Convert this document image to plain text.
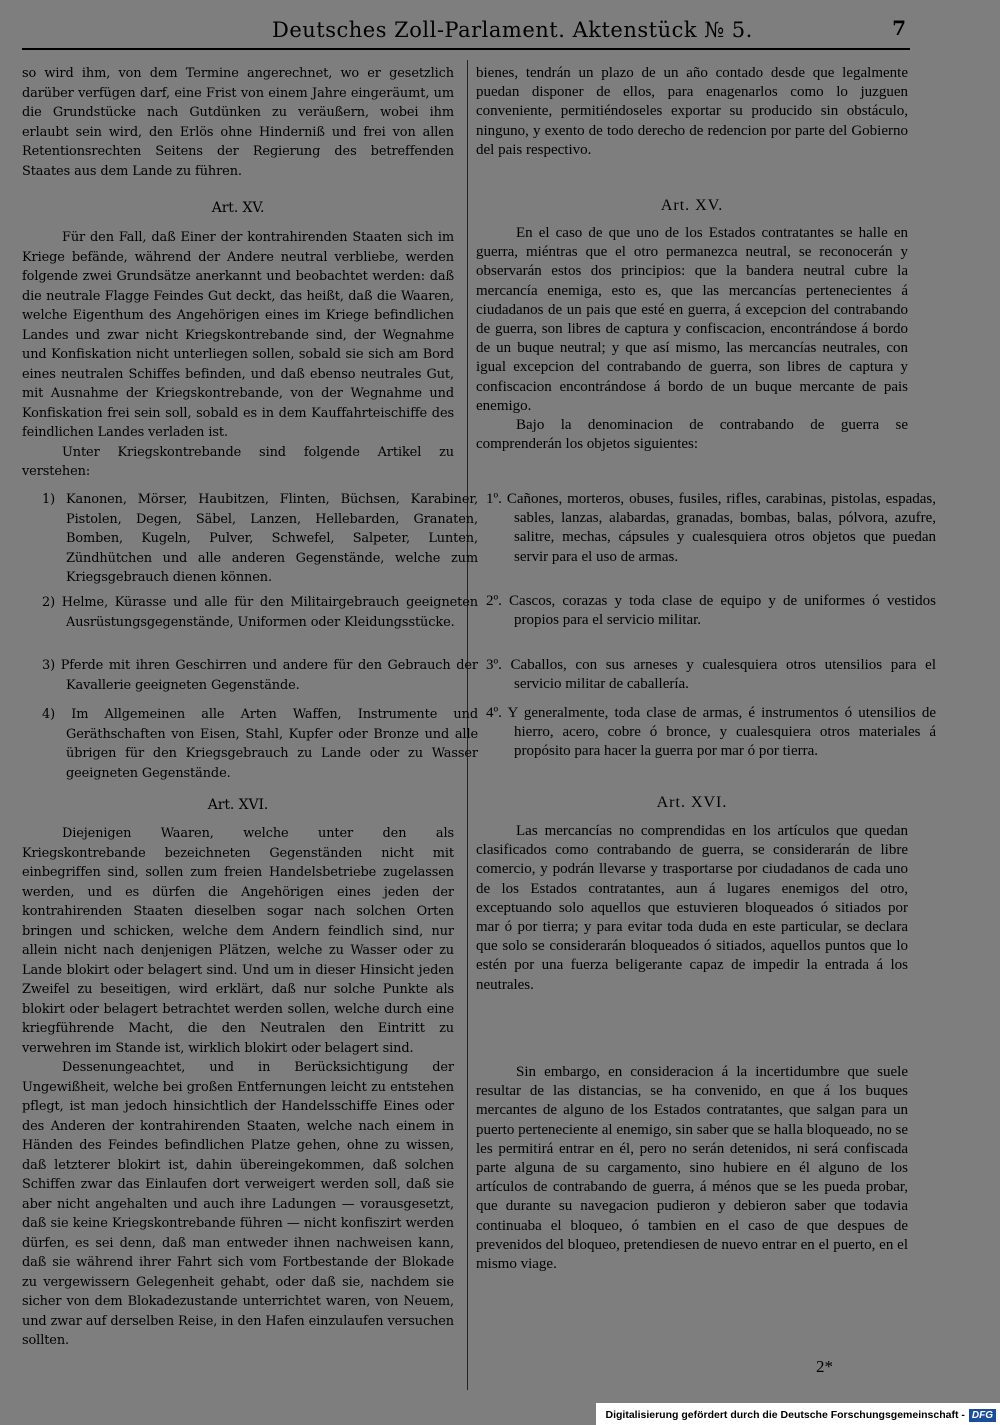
Deutsches Zoll-Parlament. Aktenstück № 5.	7

so wird ihm, von dem Termine angerechnet, wo er gesetzlich darüber verfügen darf, eine Frist von einem Jahre eingeräumt, um die Grundstücke nach Gutdünken zu veräußern, wobei ihm erlaubt sein wird, den Erlös ohne Hinderniß und frei von allen Retentionsrechten Seitens der Regierung des betreffenden Staates aus dem Lande zu führen.

Art. XV.

Für den Fall, daß Einer der kontrahirenden Staaten sich im Kriege befände, während der Andere neutral verbliebe, werden folgende zwei Grundsätze anerkannt und beobachtet werden: daß die neutrale Flagge Feindes Gut deckt, das heißt, daß die Waaren, welche Eigenthum des Angehörigen eines im Kriege befindlichen Landes und zwar nicht Kriegskontrebande sind, der Wegnahme und Konfiskation nicht unterliegen sollen, sobald sie sich am Bord eines neutralen Schiffes befinden, und daß ebenso neutrales Gut, mit Ausnahme der Kriegskontrebande, von der Wegnahme und Konfiskation frei sein soll, sobald es in dem Kauffahrteischiffe des feindlichen Landes verladen ist.

Unter Kriegskontrebande sind folgende Artikel zu verstehen:

1) Kanonen, Mörser, Haubitzen, Flinten, Büchsen, Karabiner, Pistolen, Degen, Säbel, Lanzen, Hellebarden, Granaten, Bomben, Kugeln, Pulver, Schwefel, Salpeter, Lunten, Zündhütchen und alle anderen Gegenstände, welche zum Kriegsgebrauch dienen können.
2) Helme, Kürasse und alle für den Militairgebrauch geeigneten Ausrüstungsgegenstände, Uniformen oder Kleidungsstücke.
3) Pferde mit ihren Geschirren und andere für den Gebrauch der Kavallerie geeigneten Gegenstände.
4) Im Allgemeinen alle Arten Waffen, Instrumente und Geräthschaften von Eisen, Stahl, Kupfer oder Bronze und alle übrigen für den Kriegsgebrauch zu Lande oder zu Wasser geeigneten Gegenstände.

Art. XVI.

Diejenigen Waaren, welche unter den als Kriegskontrebande bezeichneten Gegenständen nicht mit einbegriffen sind, sollen zum freien Handelsbetriebe zugelassen werden, und es dürfen die Angehörigen eines jeden der kontrahirenden Staaten dieselben sogar nach solchen Orten bringen und schicken, welche dem Andern feindlich sind, nur allein nicht nach denjenigen Plätzen, welche zu Wasser oder zu Lande blokirt oder belagert sind. Und um in dieser Hinsicht jeden Zweifel zu beseitigen, wird erklärt, daß nur solche Punkte als blokirt oder belagert betrachtet werden sollen, welche durch eine kriegführende Macht, die den Neutralen den Eintritt zu verwehren im Stande ist, wirklich blokirt oder belagert sind.

Dessenungeachtet, und in Berücksichtigung der Ungewißheit, welche bei großen Entfernungen leicht zu entstehen pflegt, ist man jedoch hinsichtlich der Handelsschiffe Eines oder des Anderen der kontrahirenden Staaten, welche nach einem in Händen des Feindes befindlichen Platze gehen, ohne zu wissen, daß letzterer blokirt ist, dahin übereingekommen, daß solchen Schiffen zwar das Einlaufen dort verweigert werden soll, daß sie aber nicht angehalten und auch ihre Ladungen — vorausgesetzt, daß sie keine Kriegskontrebande führen — nicht konfiszirt werden dürfen, es sei denn, daß man entweder ihnen nachweisen kann, daß sie während ihrer Fahrt sich vom Fortbestande der Blokade zu vergewissern Gelegenheit gehabt, oder daß sie, nachdem sie sicher von dem Blokadezustande unterrichtet waren, von Neuem, und zwar auf derselben Reise, in den Hafen einzulaufen versuchen sollten.

bienes, tendrán un plazo de un año contado desde que legalmente puedan disponer de ellos, para enagenarlos como lo juzguen conveniente, permitiéndoseles exportar su producido sin obstáculo, ninguno, y exento de todo derecho de redencion por parte del Gobierno del pais respectivo.

Art. XV.

En el caso de que uno de los Estados contratantes se halle en guerra, miéntras que el otro permanezca neutral, se reconocerán y observarán estos dos principios: que la bandera neutral cubre la mercancía enemiga, esto es, que las mercancías pertenecientes á ciudadanos de un pais que esté en guerra, á excepcion del contrabando de guerra, son libres de captura y confiscacion, encontrándose á bordo de un buque neutral; y que así mismo, las mercancías neutrales, con igual excepcion del contrabando de guerra, son libres de captura y confiscacion encontrándose á bordo de un buque mercante de pais enemigo.

Bajo la denominacion de contrabando de guerra se comprenderán los objetos siguientes:

1º. Cañones, morteros, obuses, fusiles, rifles, carabinas, pistolas, espadas, sables, lanzas, alabardas, granadas, bombas, balas, pólvora, azufre, salitre, mechas, cápsules y cualesquiera otros objetos que puedan servir para el uso de armas.
2º. Cascos, corazas y toda clase de equipo y de uniformes ó vestidos propios para el servicio militar.
3º. Caballos, con sus arneses y cualesquiera otros utensilios para el servicio militar de caballería.
4º. Y generalmente, toda clase de armas, é instrumentos ó utensilios de hierro, acero, cobre ó bronce, y cualesquiera otros materiales á propósito para hacer la guerra por mar ó por tierra.

Art. XVI.

Las mercancías no comprendidas en los artículos que quedan clasificados como contrabando de guerra, se considerarán de libre comercio, y podrán llevarse y trasportarse por ciudadanos de cada uno de los Estados contratantes, aun á lugares enemigos del otro, exceptuando solo aquellos que estuvieren bloqueados ó sitiados por mar ó por tierra; y para evitar toda duda en este particular, se declara que solo se considerarán bloqueados ó sitiados, aquellos puntos que lo estén por una fuerza beligerante capaz de impedir la entrada á los neutrales.

Sin embargo, en consideracion á la incertidumbre que suele resultar de las distancias, se ha convenido, en que á los buques mercantes de alguno de los Estados contratantes, que salgan para un puerto perteneciente al enemigo, sin saber que se halla bloqueado, no se les permitirá entrar en él, pero no serán detenidos, ni será confiscada parte alguna de su cargamento, sino hubiere en él alguno de los artículos de contrabando de guerra, á ménos que se les pueda probar, que durante su navegacion pudieron y debieron saber que todavia continuaba el bloqueo, ó tambien en el caso de que despues de prevenidos del bloqueo, pretendiesen de nuevo entrar en el puerto, en el mismo viage.

2*
Digitalisierung gefördert durch die Deutsche Forschungsgemeinschaft - DFG
